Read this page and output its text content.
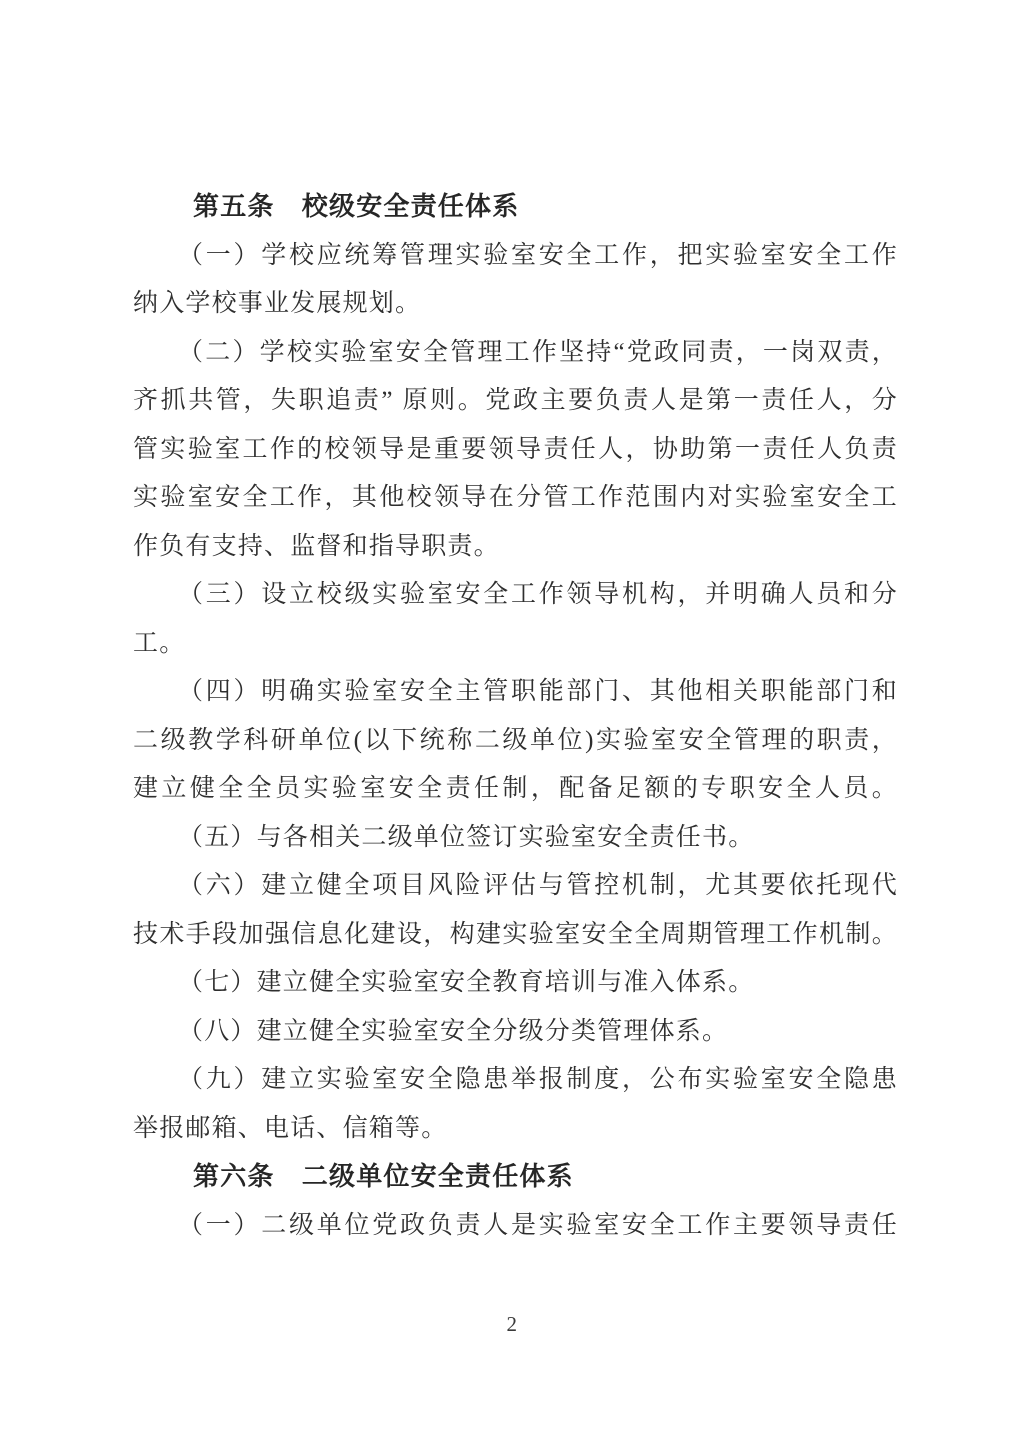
第五条　校级安全责任体系
（一）学校应统筹管理实验室安全工作，把实验室安全工作
纳入学校事业发展规划。
（二）学校实验室安全管理工作坚持“党政同责，一岗双责，
齐抓共管，失职追责” 原则。党政主要负责人是第一责任人，分
管实验室工作的校领导是重要领导责任人，协助第一责任人负责
实验室安全工作，其他校领导在分管工作范围内对实验室安全工
作负有支持、监督和指导职责。
（三）设立校级实验室安全工作领导机构，并明确人员和分
工。
（四）明确实验室安全主管职能部门、其他相关职能部门和
二级教学科研单位(以下统称二级单位)实验室安全管理的职责，
建立健全全员实验室安全责任制，配备足额的专职安全人员。
（五）与各相关二级单位签订实验室安全责任书。
（六）建立健全项目风险评估与管控机制，尤其要依托现代
技术手段加强信息化建设，构建实验室安全全周期管理工作机制。
（七）建立健全实验室安全教育培训与准入体系。
（八）建立健全实验室安全分级分类管理体系。
（九）建立实验室安全隐患举报制度，公布实验室安全隐患
举报邮箱、电话、信箱等。
第六条　二级单位安全责任体系
（一）二级单位党政负责人是实验室安全工作主要领导责任
2
